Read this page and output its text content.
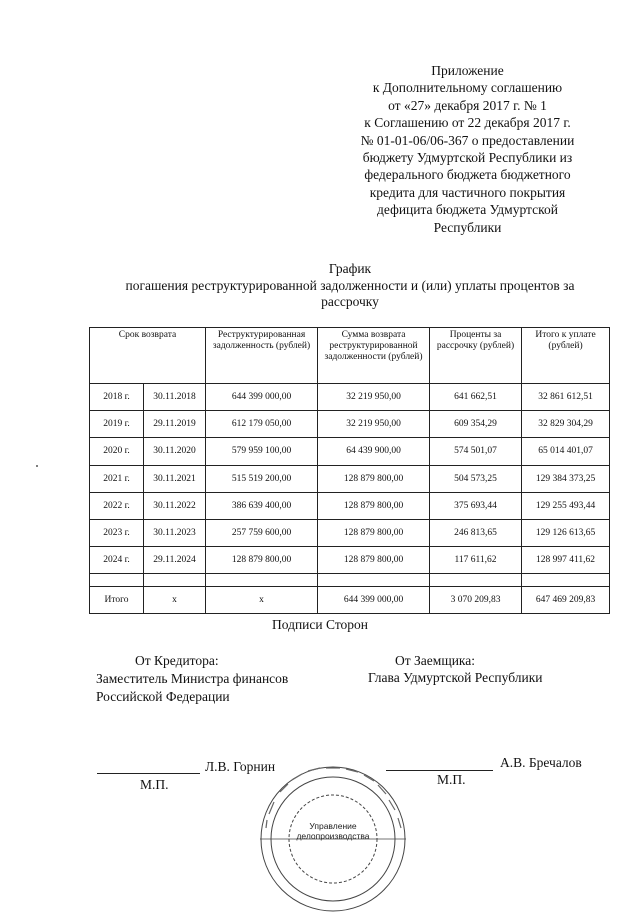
Приложение
к Дополнительному соглашению
от «27» декабря 2017 г. № 1
к Соглашению от 22 декабря 2017 г.
№ 01-01-06/06-367 о предоставлении
бюджету Удмуртской Республики из
федерального бюджета бюджетного
кредита для частичного покрытия
дефицита бюджета Удмуртской
Республики
График
погашения реструктурированной задолженности и (или) уплаты процентов за
рассрочку
Срок возврата		Реструктурированная задолженность (рублей)	Сумма возврата реструктурированной задолженности (рублей)	Проценты за рассрочку (рублей)	Итого к уплате (рублей)
2018 г.	30.11.2018	644 399 000,00	32 219 950,00	641 662,51	32 861 612,51
2019 г.	29.11.2019	612 179 050,00	32 219 950,00	609 354,29	32 829 304,29
2020 г.	30.11.2020	579 959 100,00	64 439 900,00	574 501,07	65 014 401,07
2021 г.	30.11.2021	515 519 200,00	128 879 800,00	504 573,25	129 384 373,25
2022 г.	30.11.2022	386 639 400,00	128 879 800,00	375 693,44	129 255 493,44
2023 г.	30.11.2023	257 759 600,00	128 879 800,00	246 813,65	129 126 613,65
2024 г.	29.11.2024	128 879 800,00	128 879 800,00	117 611,62	128 997 411,62

Итого	x	x	644 399 000,00	3 070 209,83	647 469 209,83
Подписи Сторон
От Кредитора:
Заместитель Министра финансов
Российской Федерации
От Заемщика:
Глава Удмуртской Республики
Л.В. Горнин
М.П.
А.В. Бречалов
М.П.
Управление
делопроизводства
